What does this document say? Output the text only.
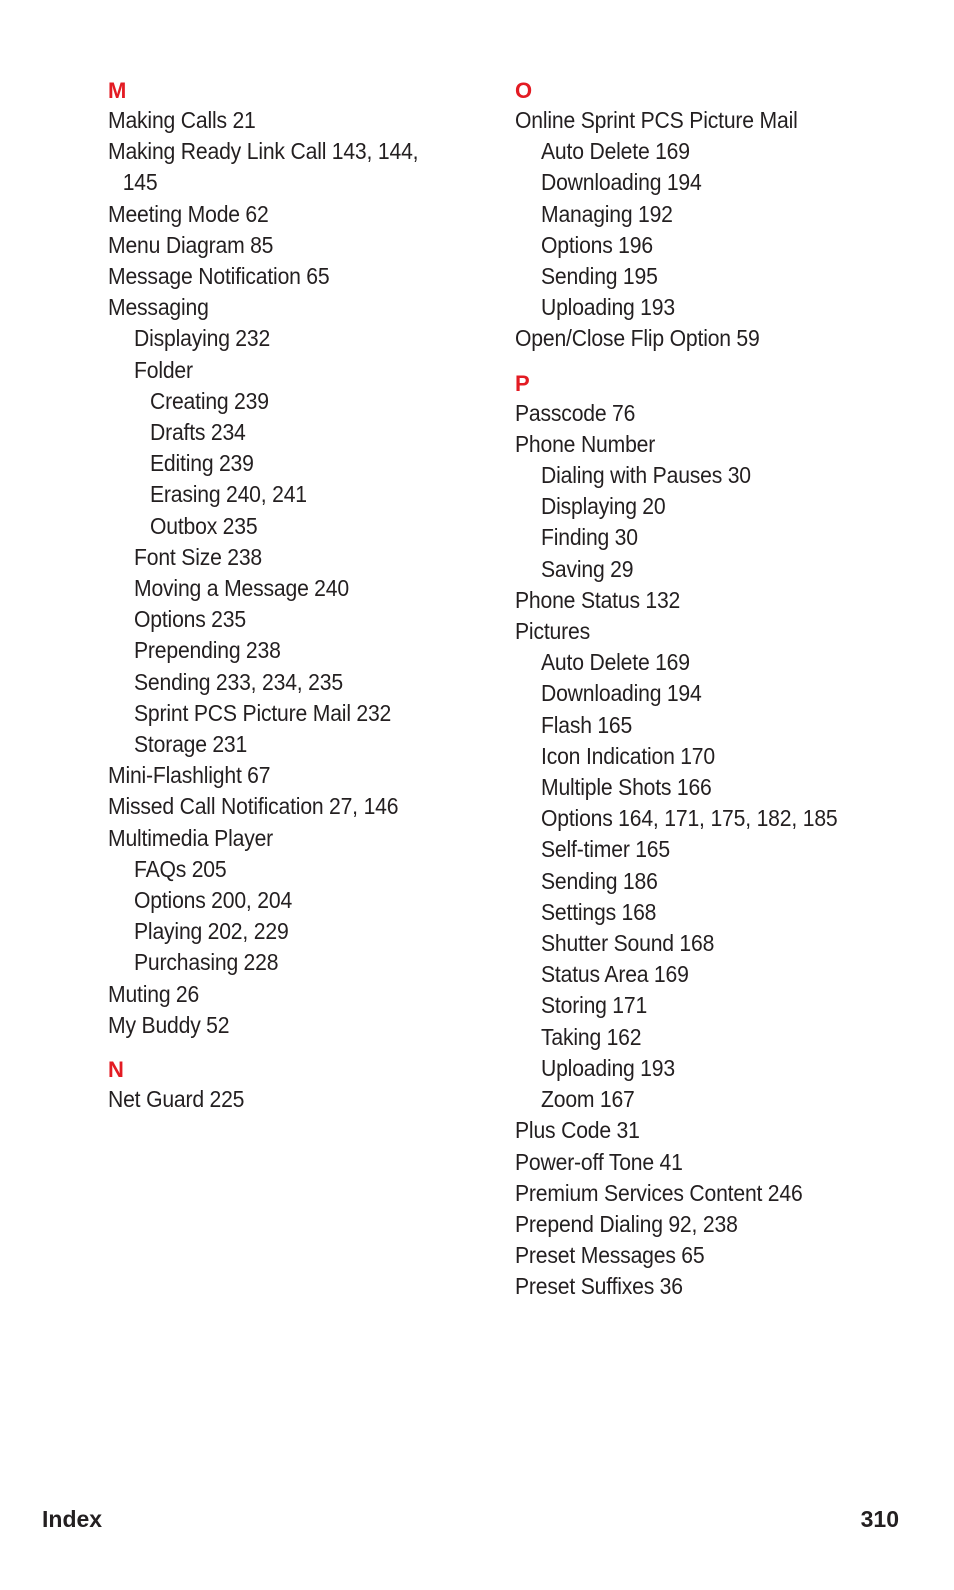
M
Making Calls 21
Making Ready Link Call 143, 144, 145
Meeting Mode 62
Menu Diagram 85
Message Notification 65
Messaging
Displaying 232
Folder
Creating 239
Drafts 234
Editing 239
Erasing 240, 241
Outbox 235
Font Size 238
Moving a Message 240
Options 235
Prepending 238
Sending 233, 234, 235
Sprint PCS Picture Mail 232
Storage 231
Mini-Flashlight 67
Missed Call Notification 27, 146
Multimedia Player
FAQs 205
Options 200, 204
Playing 202, 229
Purchasing 228
Muting 26
My Buddy 52
N
Net Guard 225
O
Online Sprint PCS Picture Mail
Auto Delete 169
Downloading 194
Managing 192
Options 196
Sending 195
Uploading 193
Open/Close Flip Option 59
P
Passcode 76
Phone Number
Dialing with Pauses 30
Displaying 20
Finding 30
Saving 29
Phone Status 132
Pictures
Auto Delete 169
Downloading 194
Flash 165
Icon Indication 170
Multiple Shots 166
Options 164, 171, 175, 182, 185
Self-timer 165
Sending 186
Settings 168
Shutter Sound 168
Status Area 169
Storing 171
Taking 162
Uploading 193
Zoom 167
Plus Code 31
Power-off Tone 41
Premium Services Content 246
Prepend Dialing 92, 238
Preset Messages 65
Preset Suffixes 36
Index	310
